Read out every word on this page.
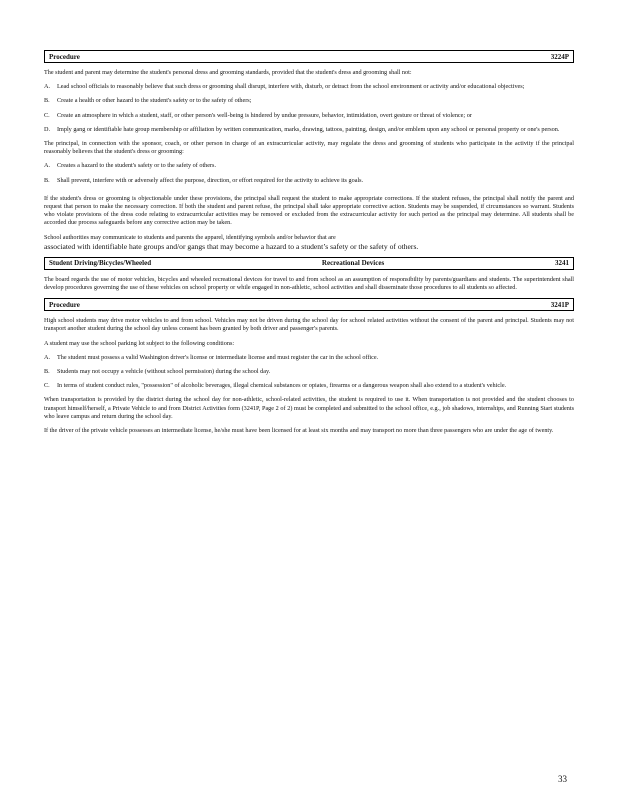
Procedure	3224P

The student and parent may determine the student's personal dress and grooming standards, provided that the student's dress and grooming shall not:

A.	Lead school officials to reasonably believe that such dress or grooming shall disrupt, interfere with, disturb, or detract from the school environment or activity and/or educational objectives;
B.	Create a health or other hazard to the student's safety or to the safety of others;
C.	Create an atmosphere in which a student, staff, or other person's well-being is hindered by undue pressure, behavior, intimidation, overt gesture or threat of violence; or
D.	Imply gang or identifiable hate group membership or affiliation by written communication, marks, drawing, tattoos, painting, design, and/or emblem upon any school or personal property or one's person.

The principal, in connection with the sponsor, coach, or other person in charge of an extracurricular activity, may regulate the dress and grooming of students who participate in the activity if the principal reasonably believes that the student's dress or grooming:

A.	Creates a hazard to the student's safety or to the safety of others.
B.	Shall prevent, interfere with or adversely affect the purpose, direction, or effort required for the activity to achieve its goals.

If the student's dress or grooming is objectionable under these provisions, the principal shall request the student to make appropriate corrections. If the student refuses, the principal shall notify the parent and request that person to make the necessary correction. If both the student and parent refuse, the principal shall take appropriate corrective action. Students may be suspended, if circumstances so warrant. Students who violate provisions of the dress code relating to extracurricular activities may be removed or excluded from the extracurricular activity for such period as the principal may determine. All students shall be accorded due process safeguards before any corrective action may be taken.

School authorities may communicate to students and parents the apparel, identifying symbols and/or behavior that are

associated with identifiable hate groups and/or gangs that may become a hazard to a student’s safety or the safety of others.

Student Driving/Bicycles/Wheeled	Recreational Devices	3241

The board regards the use of motor vehicles, bicycles and wheeled recreational devices for travel to and from school as an assumption of responsibility by parents/guardians and students. The superintendent shall develop procedures governing the use of these vehicles on school property or while engaged in non-athletic, school activities and shall disseminate those procedures to all students so affected.

Procedure	3241P

High school students may drive motor vehicles to and from school. Vehicles may not be driven during the school day for school related activities without the consent of the parent and principal. Students may not transport another student during the school day unless consent has been granted by both driver and passenger's parents.

A student may use the school parking lot subject to the following conditions:

A.	The student must possess a valid Washington driver's license or intermediate license and must register the car in the school office.
B.	Students may not occupy a vehicle (without school permission) during the school day.
C.	In terms of student conduct rules, "possession" of alcoholic beverages, illegal chemical substances or opiates, firearms or a dangerous weapon shall also extend to a student's vehicle.

When transportation is provided by the district during the school day for non-athletic, school-related activities, the student is required to use it. When transportation is not provided and the student chooses to transport himself/herself, a Private Vehicle to and from District Activities form (3241P, Page 2 of 2) must be completed and submitted to the school office, e.g., job shadows, internships, and Running Start students who leave campus and return during the school day.

If the driver of the private vehicle possesses an intermediate license, he/she must have been licensed for at least six months and may transport no more than three passengers who are under the age of twenty.

33
